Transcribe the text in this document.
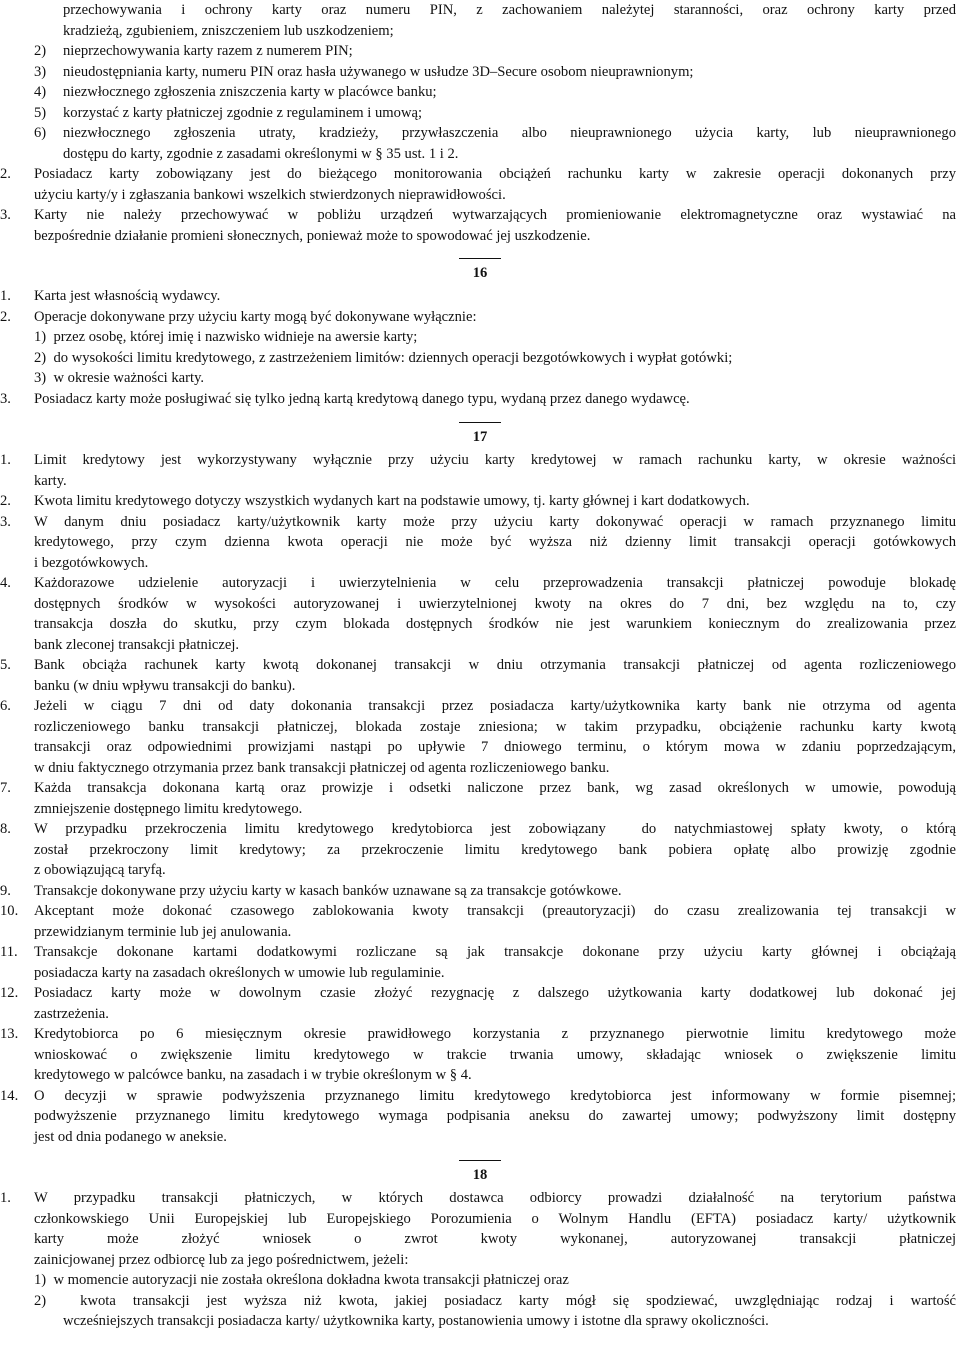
przechowywania i ochrony karty oraz numeru PIN, z zachowaniem należytej staranności, oraz ochrony karty przed
kradzieżą, zgubieniem, zniszczeniem lub uszkodzeniem;
2) nieprzechowywania karty razem z numerem PIN;
3) nieudostępniania karty, numeru PIN oraz hasła używanego w usłudze 3D–Secure osobom nieuprawnionym;
4) niezwłocznego zgłoszenia zniszczenia karty w placówce banku;
5) korzystać z karty płatniczej zgodnie z regulaminem i umową;
6) niezwłocznego zgłoszenia utraty, kradzieży, przywłaszczenia albo nieuprawnionego użycia karty, lub nieuprawnionego
dostępu do karty, zgodnie z zasadami określonymi w § 35 ust. 1 i 2.
2. Posiadacz karty zobowiązany jest do bieżącego monitorowania obciążeń rachunku karty w zakresie operacji dokonanych przy
użyciu karty/y i zgłaszania bankowi wszelkich stwierdzonych nieprawidłowości.
3. Karty nie należy przechowywać w pobliżu urządzeń wytwarzających promieniowanie elektromagnetyczne oraz wystawiać na
bezpośrednie działanie promieni słonecznych, ponieważ może to spowodować jej uszkodzenie.
1. Karta jest własnością wydawcy.
2. Operacje dokonywane przy użyciu karty mogą być dokonywane wyłącznie:
1)  przez osobę, której imię i nazwisko widnieje na awersie karty;
2)  do wysokości limitu kredytowego, z zastrzeżeniem limitów: dziennych operacji bezgotówkowych i wypłat gotówki;
3)  w okresie ważności karty.
3. Posiadacz karty może posługiwać się tylko jedną kartą kredytową danego typu, wydaną przez danego wydawcę.
1. Limit kredytowy jest wykorzystywany wyłącznie przy użyciu karty kredytowej w ramach rachunku karty, w okresie ważności
karty.
2. Kwota limitu kredytowego dotyczy wszystkich wydanych kart na podstawie umowy, tj. karty głównej i kart dodatkowych.
3. W danym dniu posiadacz karty/użytkownik karty może przy użyciu karty dokonywać operacji w ramach przyznanego limitu
kredytowego, przy czym dzienna kwota operacji nie może być wyższa niż dzienny limit transakcji operacji gotówkowych
i bezgotówkowych.
4. Każdorazowe udzielenie autoryzacji i uwierzytelnienia w celu przeprowadzenia transakcji płatniczej powoduje blokadę
dostępnych środków w wysokości autoryzowanej i uwierzytelnionej kwoty na okres do 7 dni, bez względu na to, czy
transakcja doszła do skutku, przy czym blokada dostępnych środków nie jest warunkiem koniecznym do zrealizowania przez
bank zleconej transakcji płatniczej.
5. Bank obciąża rachunek karty kwotą dokonanej transakcji w dniu otrzymania transakcji płatniczej od agenta rozliczeniowego
banku (w dniu wpływu transakcji do banku).
6. Jeżeli w ciągu 7 dni od daty dokonania transakcji przez posiadacza karty/użytkownika karty bank nie otrzyma od agenta
rozliczeniowego banku transakcji płatniczej, blokada zostaje zniesiona; w takim przypadku, obciążenie rachunku karty kwotą
transakcji oraz odpowiednimi prowizjami nastąpi po upływie 7 dniowego terminu, o którym mowa w zdaniu poprzedzającym,
w dniu faktycznego otrzymania przez bank transakcji płatniczej od agenta rozliczeniowego banku.
7. Każda transakcja dokonana kartą oraz prowizje i odsetki naliczone przez bank, wg zasad określonych w umowie, powodują
zmniejszenie dostępnego limitu kredytowego.
8. W przypadku przekroczenia limitu kredytowego kredytobiorca jest zobowiązany  do natychmiastowej spłaty kwoty, o którą
został przekroczony limit kredytowy; za przekroczenie limitu kredytowego bank pobiera opłatę albo prowizję zgodnie
z obowiązującą taryfą.
9. Transakcje dokonywane przy użyciu karty w kasach banków uznawane są za transakcje gotówkowe.
10. Akceptant może dokonać czasowego zablokowania kwoty transakcji (preautoryzacji) do czasu zrealizowania tej transakcji w
przewidzianym terminie lub jej anulowania.
11. Transakcje dokonane kartami dodatkowymi rozliczane są jak transakcje dokonane przy użyciu karty głównej i obciążają
posiadacza karty na zasadach określonych w umowie lub regulaminie.
12. Posiadacz karty może w dowolnym czasie złożyć rezygnację z dalszego użytkowania karty dodatkowej lub dokonać jej
zastrzeżenia.
13. Kredytobiorca po 6 miesięcznym okresie prawidłowego korzystania z przyznanego pierwotnie limitu kredytowego może
wnioskować o zwiększenie limitu kredytowego w trakcie trwania umowy, składając wniosek o zwiększenie limitu
kredytowego w palcówce banku, na zasadach i w trybie określonym w § 4.
14. O decyzji w sprawie podwyższenia przyznanego limitu kredytowego kredytobiorca jest informowany w formie pisemnej;
podwyższenie przyznanego limitu kredytowego wymaga podpisania aneksu do zawartej umowy; podwyższony limit dostępny
jest od dnia podanego w aneksie.
1. W przypadku transakcji płatniczych, w których dostawca odbiorcy prowadzi działalność na terytorium państwa
członkowskiego Unii Europejskiej lub Europejskiego Porozumienia o Wolnym Handlu (EFTA) posiadacz karty/ użytkownik
karty może złożyć wniosek o zwrot kwoty wykonanej, autoryzowanej transakcji płatniczej
zainicjowanej przez odbiorcę lub za jego pośrednictwem, jeżeli:
1)  w momencie autoryzacji nie została określona dokładna kwota transakcji płatniczej oraz
2)  kwota transakcji jest wyższa niż kwota, jakiej posiadacz karty mógł się spodziewać, uwzględniając rodzaj i wartość
wcześniejszych transakcji posiadacza karty/ użytkownika karty, postanowienia umowy i istotne dla sprawy okoliczności.
16
17
18
